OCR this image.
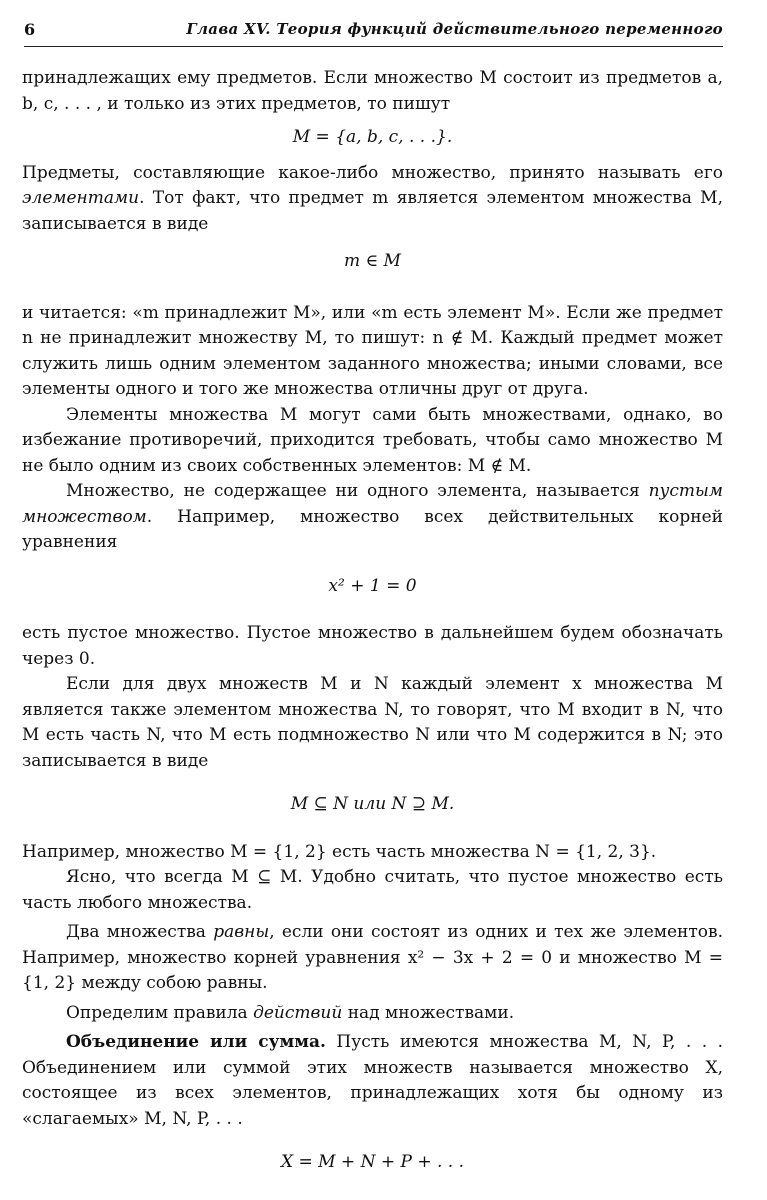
6	Глава XV. Теория функций действительного переменного

принадлежащих ему предметов. Если множество M состоит из предметов a, b, c, . . . , и только из этих предметов, то пишут

M = {a, b, c, . . .}.

Предметы, составляющие какое-либо множество, принято называть его элементами. Тот факт, что предмет m является элементом множества M, записывается в виде

m ∈ M

и читается: «m принадлежит M», или «m есть элемент M». Если же предмет n не принадлежит множеству M, то пишут: n ∉ M. Каждый предмет может служить лишь одним элементом заданного множества; иными словами, все элементы одного и того же множества отличны друг от друга.

Элементы множества M могут сами быть множествами, однако, во избежание противоречий, приходится требовать, чтобы само множество M не было одним из своих собственных элементов: M ∉ M.

Множество, не содержащее ни одного элемента, называется пустым множеством. Например, множество всех действительных корней уравнения

x² + 1 = 0

есть пустое множество. Пустое множество в дальнейшем будем обозначать через 0.

Если для двух множеств M и N каждый элемент x множества M является также элементом множества N, то говорят, что M входит в N, что M есть часть N, что M есть подмножество N или что M содержится в N; это записывается в виде

M ⊆ N или N ⊇ M.

Например, множество M = {1, 2} есть часть множества N = {1, 2, 3}.

Ясно, что всегда M ⊆ M. Удобно считать, что пустое множество есть часть любого множества.

Два множества равны, если они состоят из одних и тех же элементов. Например, множество корней уравнения x² − 3x + 2 = 0 и множество M = {1, 2} между собою равны.

Определим правила действий над множествами.

Объединение или сумма. Пусть имеются множества M, N, P, . . . Объединением или суммой этих множеств называется множество X, состоящее из всех элементов, принадлежащих хотя бы одному из «слагаемых» M, N, P, . . .

X = M + N + P + . . .
